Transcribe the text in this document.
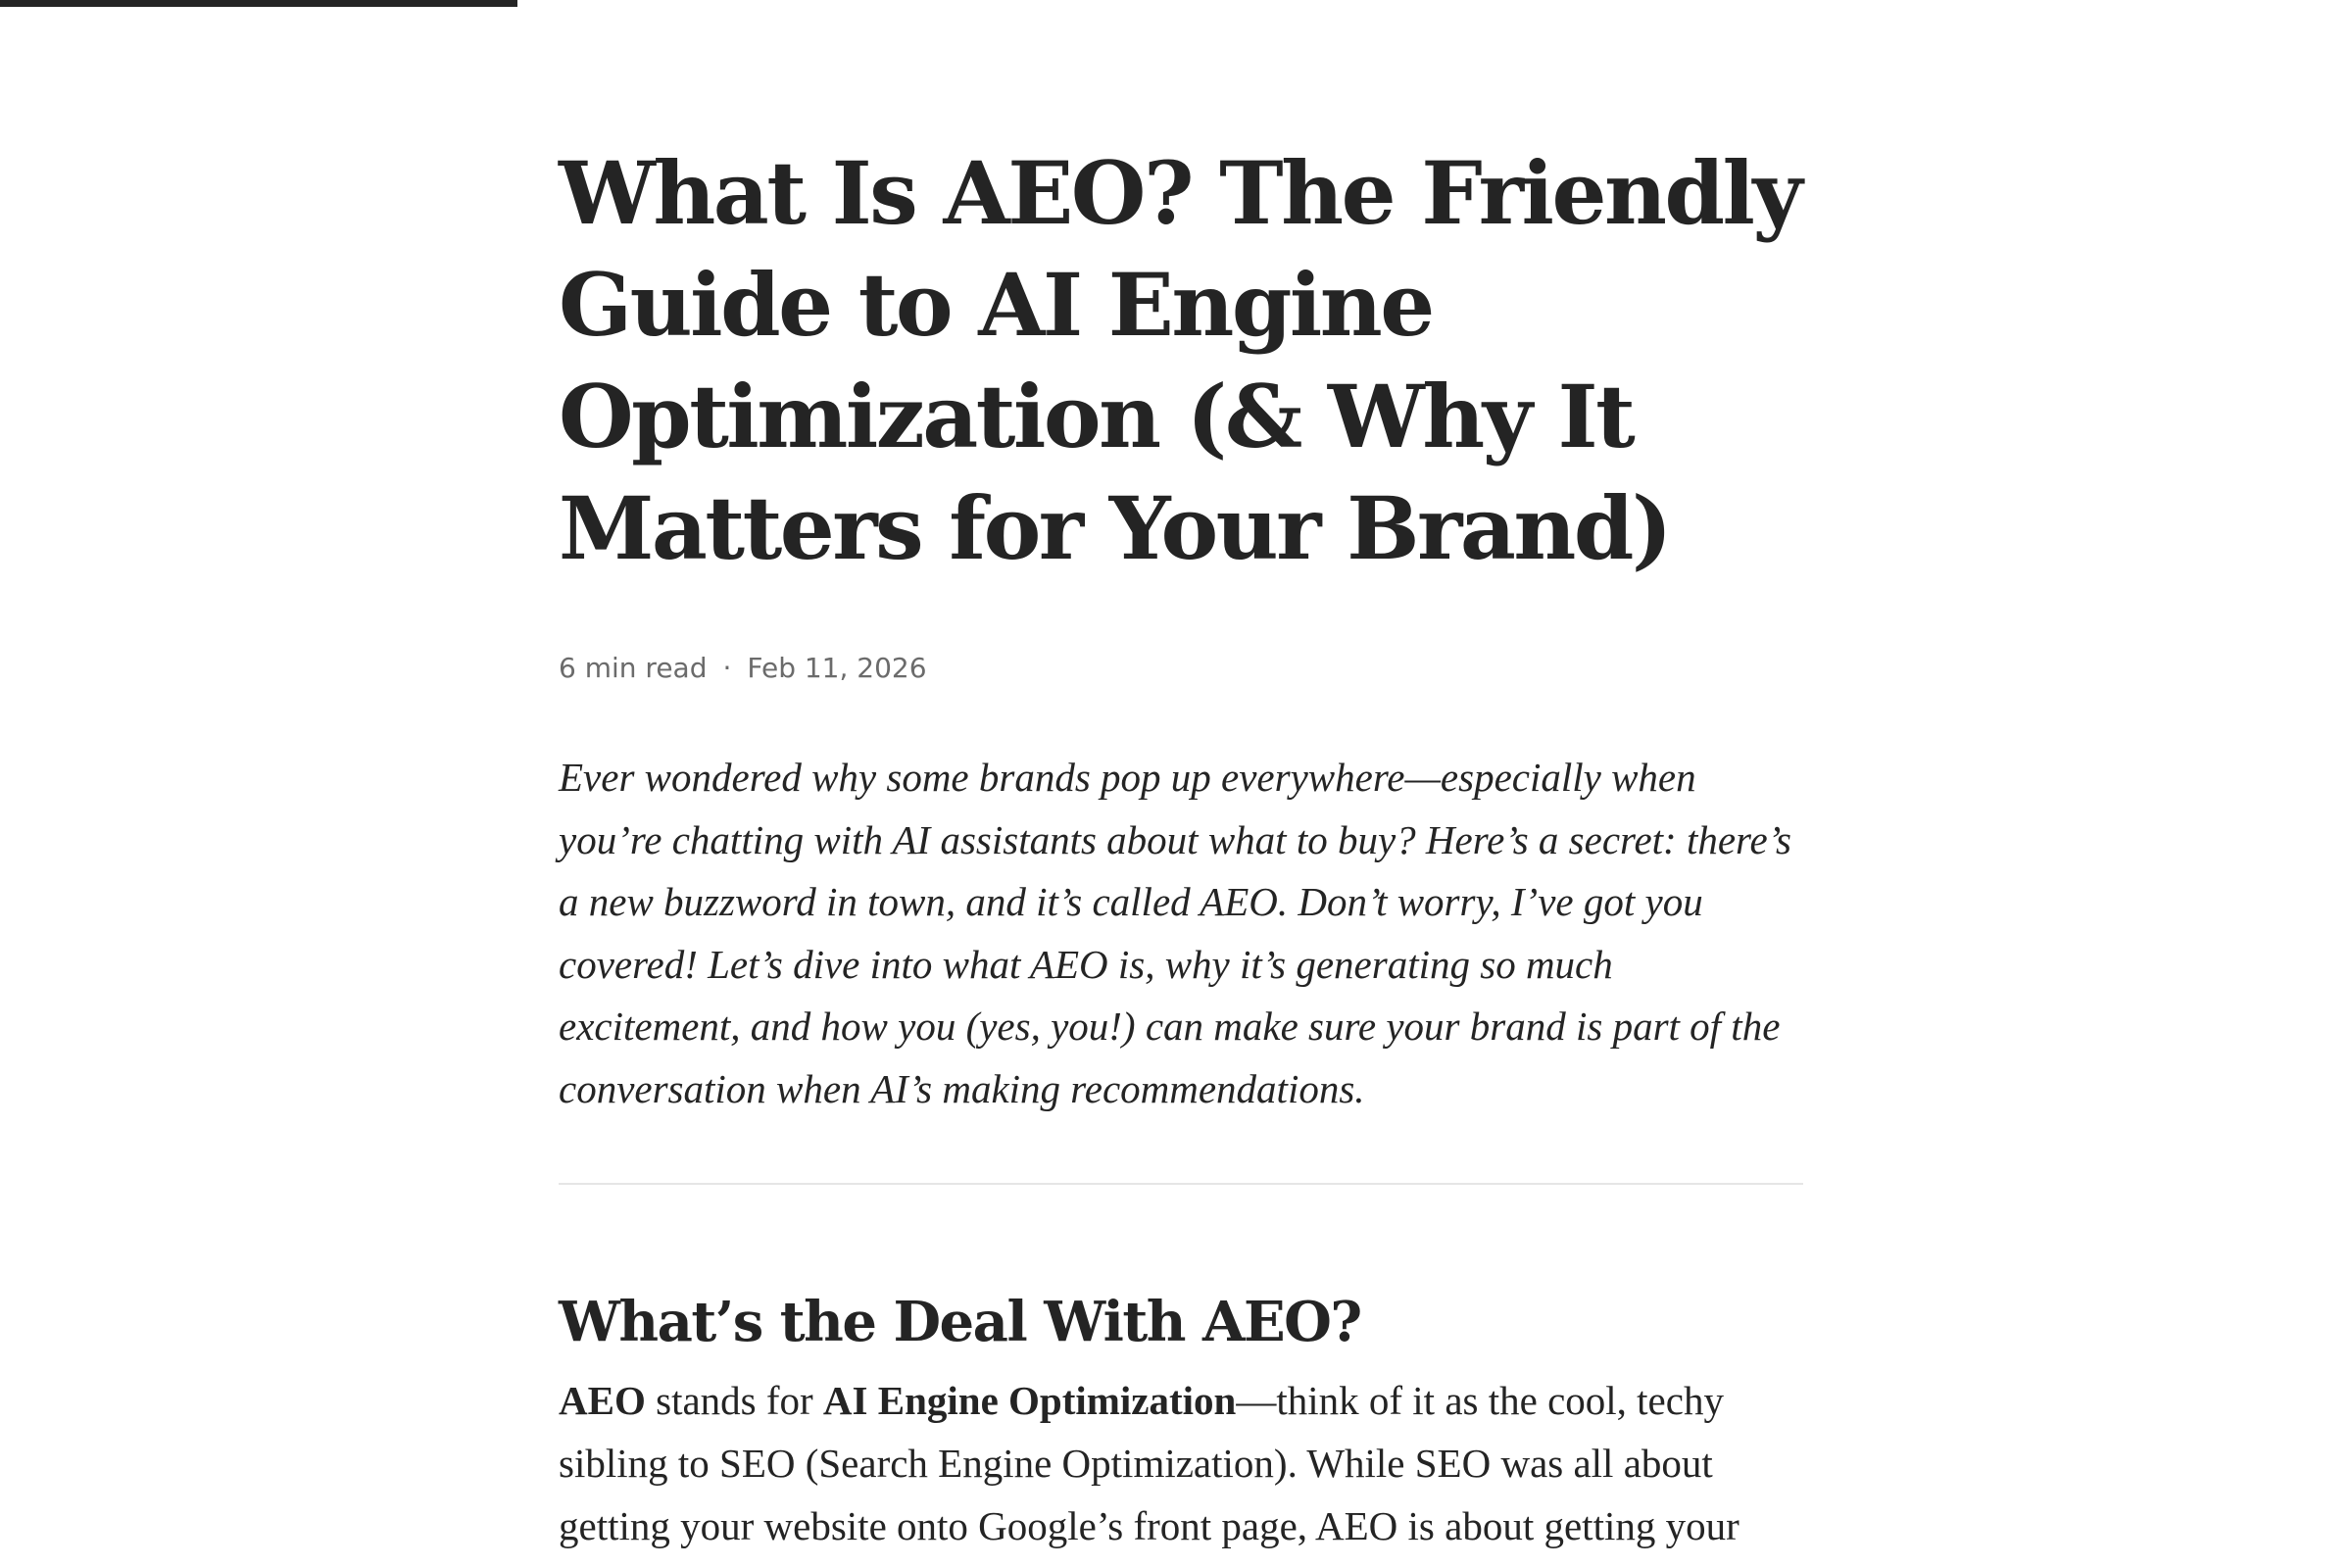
What Is AEO? The Friendly Guide to AI Engine Optimization (& Why It Matters for Your Brand)
6 min read · Feb 11, 2026

Ever wondered why some brands pop up everywhere—especially when you’re chatting with AI assistants about what to buy? Here’s a secret: there’s a new buzzword in town, and it’s called AEO. Don’t worry, I’ve got you covered! Let’s dive into what AEO is, why it’s generating so much excitement, and how you (yes, you!) can make sure your brand is part of the conversation when AI’s making recommendations.

What’s the Deal With AEO?

AEO stands for AI Engine Optimization—think of it as the cool, techy sibling to SEO (Search Engine Optimization). While SEO was all about getting your website onto Google’s front page, AEO is about getting your
